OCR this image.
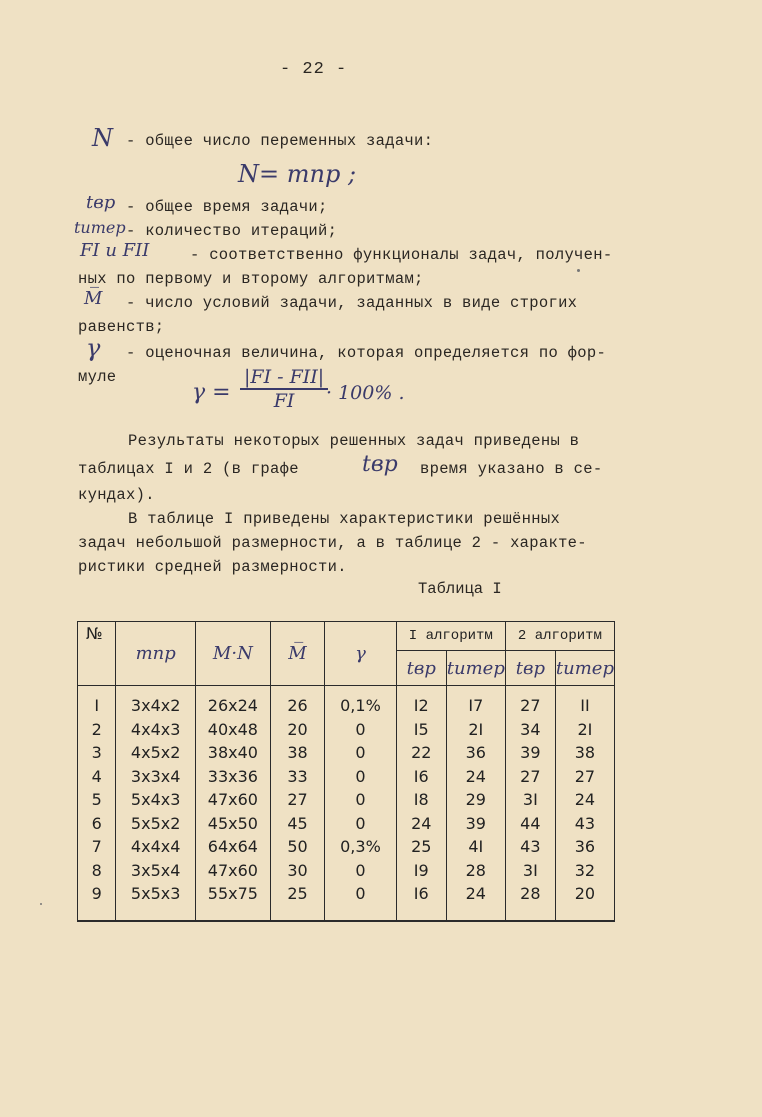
- 22 -
N - общее число переменных задачи:
N= mnp ;
tвр - общее время задачи;
tитер - количество итераций;
FI и FII	- соответственно функционалы задач, получен-
ных по первому и второму алгоритмам;
M̅ - число условий задачи, заданных в виде строгих
равенств;
γ - оценочная величина, которая определяется по фор-
муле
γ =
|FI - FII|
FI	· 100% .
Результаты некоторых решенных задач приведены в
таблицах I и 2 (в графе	tвр время указано в се-
кундах).
В таблице I приведены характеристики решённых
задач небольшой размерности, а в таблице 2 - характе-
ристики средней размерности.
Таблица I
№	mnp	M·N	M̅	γ	I алгоритм		2 алгоритм	
					tвр	tитер	tвр	tитер
I	3x4x2	26x24	26	0,1%	I2	I7	27	II
2	4x4x3	40x48	20	0	I5	2I	34	2I
3	4x5x2	38x40	38	0	22	36	39	38
4	3x3x4	33x36	33	0	I6	24	27	27
5	5x4x3	47x60	27	0	I8	29	3I	24
6	5x5x2	45x50	45	0	24	39	44	43
7	4x4x4	64x64	50	0,3%	25	4I	43	36
8	3x5x4	47x60	30	0	I9	28	3I	32
9	5x5x3	55x75	25	0	I6	24	28	20
